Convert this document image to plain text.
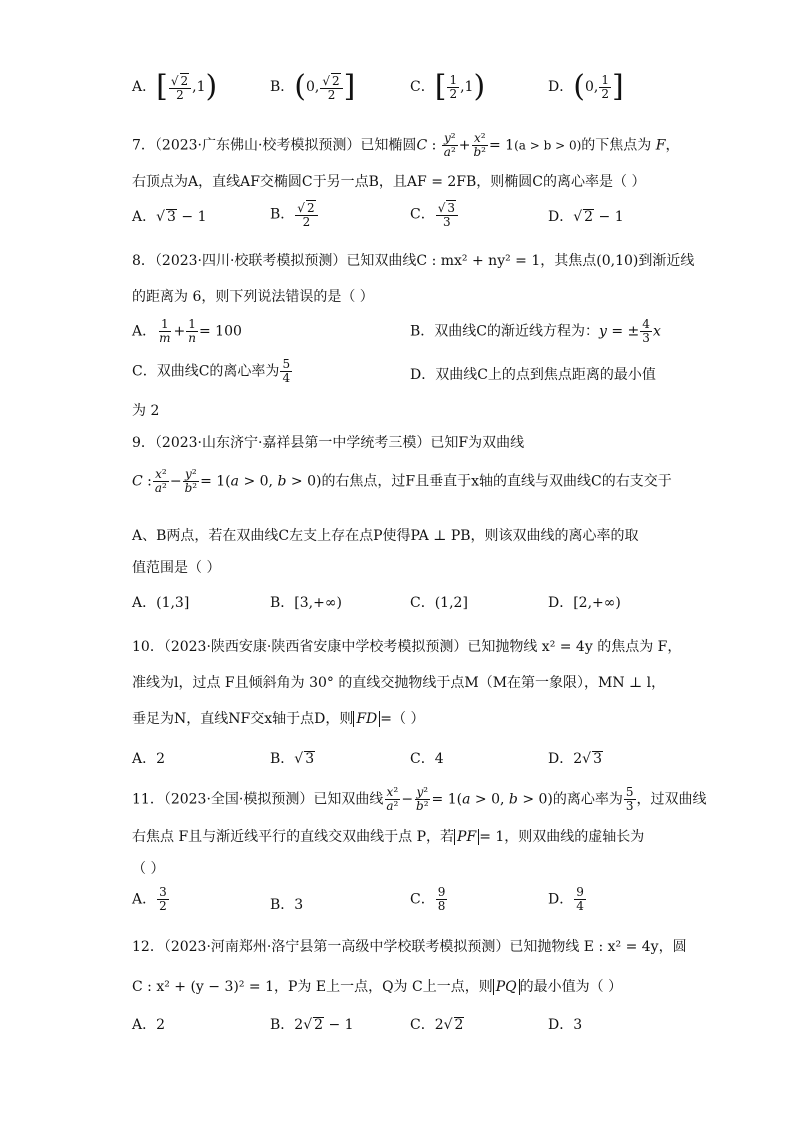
A．[ $\frac{√ 2}{2} ,1$)	B．(0, $\frac{√ 2}{2}$ ]	C．[ $\frac{1}{2} ,1$)	D．(0, $\frac{1}{2}$ ]
7．（2023·广东佛山·校考模拟预测）已知椭圆C : $\frac{\text{y²}}{\text{a²}} + \frac{\text{x²}}{\text{b²}} = 1(a > b > 0)$的下焦点为 F，
右顶点为A，直线AF交椭圆C于另一点B，且AF = 2FB，则椭圆C的离心率是（ ）
A．√ 3 − 1	B． $\frac{√ 2}{2}$	C． $\frac{√ 3}{3}$	D．√ 2 − 1
8．（2023·四川·校联考模拟预测）已知双曲线C : mx² + ny² = 1，其焦点(0,10)到渐近线
的距离为 6，则下列说法错误的是（ ）
A． $\frac{1}{m} + \frac{1}{n} = 100$	B．双曲线C的渐近线方程为：y = ± $\frac{4}{3}$ x
C．双曲线C的离心率为 $\frac{5}{4}$	D．双曲线C上的点到焦点距离的最小值
为 2
9．（2023·山东济宁·嘉祥县第一中学统考三模）已知F为双曲线
C : $\frac{\text{x²}}{\text{a²}} - \frac{\text{y²}}{\text{b²}} = 1(a > 0$, b > 0)的右焦点，过F且垂直于x轴的直线与双曲线C的右支交于
A、B两点，若在双曲线C左支上存在点P使得PA ⊥ PB，则该双曲线的离心率的取
值范围是（ ）
A．(1,3]	B．[3,+∞)	C．(1,2]	D．[2,+∞)
10．（2023·陕西安康·陕西省安康中学校考模拟预测）已知抛物线 x² = 4y 的焦点为 F，
准线为l，过点 F且倾斜角为 30° 的直线交抛物线于点M（M在第一象限），MN ⊥ l，
垂足为N，直线NF交x轴于点D，则 FD =（ ）
A．2	B．√ 3	C．4	D．2√ 3
11．（2023·全国·模拟预测）已知双曲线 $\frac{\text{x²}}{\text{a²}} - \frac{\text{y²}}{\text{b²}} = 1(a > 0$, b > 0)的离心率为 $\frac{5}{3}$ ，过双曲线
右焦点 F且与渐近线平行的直线交双曲线于点 P，若 PF = 1，则双曲线的虚轴长为
（ ）
A． $\frac{3}{2}$	B．3	C． $\frac{9}{8}$	D． $\frac{9}{4}$
12．（2023·河南郑州·洛宁县第一高级中学校联考模拟预测）已知抛物线 E : x² = 4y，圆
C : x² + (y − 3)² = 1，P为 E上一点，Q为 C上一点，则 PQ 的最小值为（ ）
A．2	B．2√ 2 − 1	C．2√ 2	D．3
